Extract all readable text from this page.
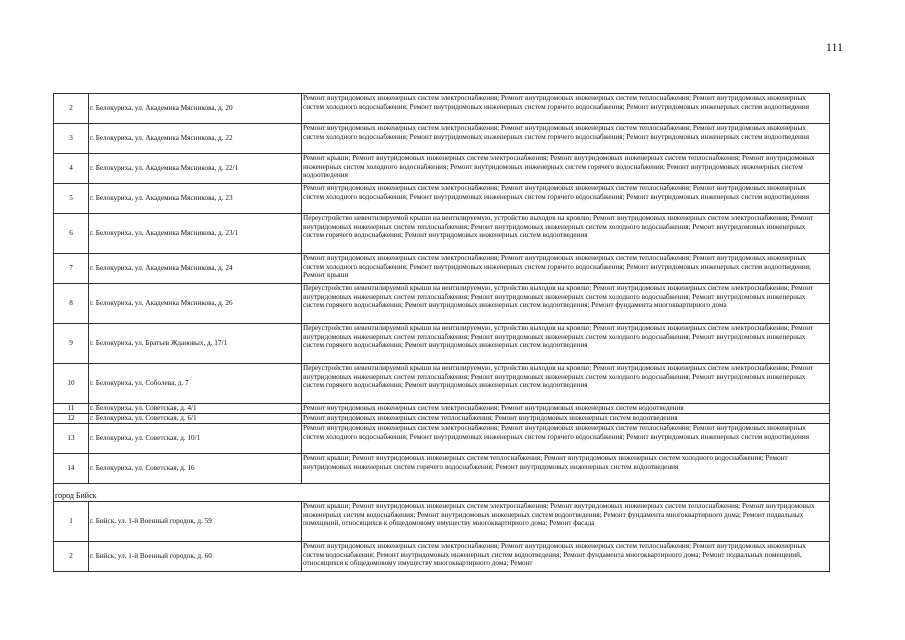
111
2	г. Белокуриха, ул. Академика Мясникова, д. 20	Ремонт внутридомовых инженерных систем электроснабжения; Ремонт внутридомовых инженерных систем теплоснабжения; Ремонт внутридомовых инженерных систем холодного водоснабжения; Ремонт внутридомовых инженерных систем горячего водоснабжения; Ремонт внутридомовых инженерных систем водоотведения
3	г. Белокуриха, ул. Академика Мясникова, д. 22	Ремонт внутридомовых инженерных систем электроснабжения; Ремонт внутридомовых инженерных систем теплоснабжения; Ремонт внутридомовых инженерных систем холодного водоснабжения; Ремонт внутридомовых инженерных систем горячего водоснабжения; Ремонт внутридомовых инженерных систем водоотведения
4	г. Белокуриха, ул. Академика Мясникова, д. 22/1	Ремонт крыши; Ремонт внутридомовых инженерных систем электроснабжения; Ремонт внутридомовых инженерных систем теплоснабжения; Ремонт внутридомовых инженерных систем холодного водоснабжения; Ремонт внутридомовых инженерных систем горячего водоснабжения; Ремонт внутридомовых инженерных систем водоотведения
5	г. Белокуриха, ул. Академика Мясникова, д. 23	Ремонт внутридомовых инженерных систем электроснабжения; Ремонт внутридомовых инженерных систем теплоснабжения; Ремонт внутридомовых инженерных систем холодного водоснабжения; Ремонт внутридомовых инженерных систем горячего водоснабжения; Ремонт внутридомовых инженерных систем водоотведения
6	г. Белокуриха, ул. Академика Мясникова, д. 23/1	Переустройство невентилируемой крыши на вентилируемую, устройство выходов на кровлю; Ремонт внутридомовых инженерных систем электроснабжения; Ремонт внутридомовых инженерных систем теплоснабжения; Ремонт внутридомовых инженерных систем холодного водоснабжения; Ремонт внутридомовых инженерных систем горячего водоснабжения; Ремонт внутридомовых инженерных систем водоотведения
7	г. Белокуриха, ул. Академика Мясникова, д. 24	Ремонт внутридомовых инженерных систем электроснабжения; Ремонт внутридомовых инженерных систем теплоснабжения; Ремонт внутридомовых инженерных систем холодного водоснабжения; Ремонт внутридомовых инженерных систем горячего водоснабжения; Ремонт внутридомовых инженерных систем водоотведения; Ремонт крыши
8	г. Белокуриха, ул. Академика Мясникова, д. 26	Переустройство невентилируемой крыши на вентилируемую, устройство выходов на кровлю; Ремонт внутридомовых инженерных систем электроснабжения; Ремонт внутридомовых инженерных систем теплоснабжения; Ремонт внутридомовых инженерных систем холодного водоснабжения; Ремонт внутридомовых инженерных систем горячего водоснабжения; Ремонт внутридомовых инженерных систем водоотведения; Ремонт фундамента многоквартирного дома
9	г. Белокуриха, ул. Братьев Ждановых, д. 17/1	Переустройство невентилируемой крыши на вентилируемую, устройство выходов на кровлю; Ремонт внутридомовых инженерных систем электроснабжения; Ремонт внутридомовых инженерных систем теплоснабжения; Ремонт внутридомовых инженерных систем холодного водоснабжения; Ремонт внутридомовых инженерных систем горячего водоснабжения; Ремонт внутридомовых инженерных систем водоотведения
10	г. Белокуриха, ул. Соболева, д. 7	Переустройство невентилируемой крыши на вентилируемую, устройство выходов на кровлю; Ремонт внутридомовых инженерных систем электроснабжения; Ремонт внутридомовых инженерных систем теплоснабжения; Ремонт внутридомовых инженерных систем холодного водоснабжения; Ремонт внутридомовых инженерных систем горячего водоснабжения; Ремонт внутридомовых инженерных систем водоотведения
11	г. Белокуриха, ул. Советская, д. 4/1	Ремонт внутридомовых инженерных систем электроснабжения; Ремонт внутридомовых инженерных систем водоотведения
12	г. Белокуриха, ул. Советская, д. 6/1	Ремонт внутридомовых инженерных систем теплоснабжения; Ремонт внутридомовых инженерных систем водоотведения
13	г. Белокуриха, ул. Советская, д. 10/1	Ремонт внутридомовых инженерных систем электроснабжения; Ремонт внутридомовых инженерных систем теплоснабжения; Ремонт внутридомовых инженерных систем холодного водоснабжения; Ремонт внутридомовых инженерных систем горячего водоснабжения; Ремонт внутридомовых инженерных систем водоотведения
14	г. Белокуриха, ул. Советская, д. 16	Ремонт крыши; Ремонт внутридомовых инженерных систем теплоснабжения; Ремонт внутридомовых инженерных систем холодного водоснабжения; Ремонт внутридомовых инженерных систем горячего водоснабжения; Ремонт внутридомовых инженерных систем водоотведения
город Бийск		
1	г. Бийск, ул. 1-й Военный городок, д. 59	Ремонт крыши; Ремонт внутридомовых инженерных систем электроснабжения; Ремонт внутридомовых инженерных систем теплоснабжения; Ремонт внутридомовых инженерных систем водоснабжения; Ремонт внутридомовых инженерных систем водоотведения; Ремонт фундамента многоквартирного дома; Ремонт подвальных помещений, относящихся к общедомовому имуществу многоквартирного дома; Ремонт фасада
2	г. Бийск, ул. 1-й Военный городок, д. 60	Ремонт внутридомовых инженерных систем электроснабжения; Ремонт внутридомовых инженерных систем теплоснабжения; Ремонт внутридомовых инженерных систем водоснабжения; Ремонт внутридомовых инженерных систем водоотведения; Ремонт фундамента многоквартирного дома; Ремонт подвальных помещений, относящихся к общедомовому имуществу многоквартирного дома; Ремонт
